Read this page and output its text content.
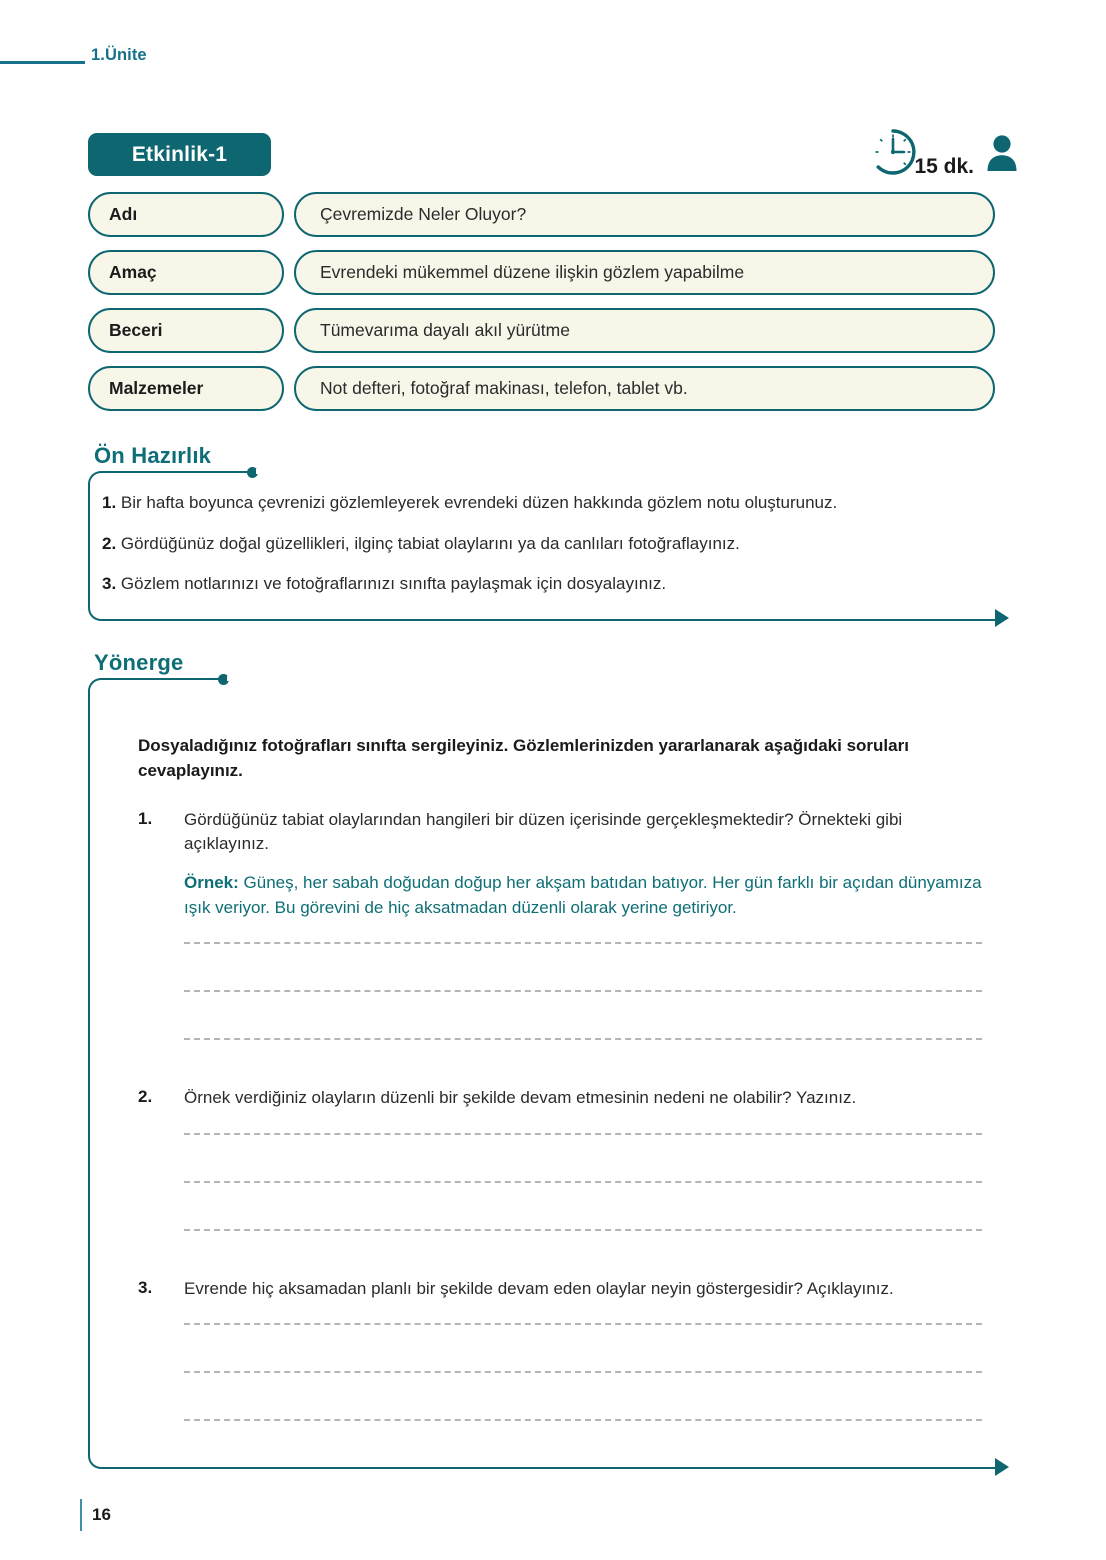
1.Ünite
Etkinlik-1
15 dk.
Adı	Çevremizde Neler Oluyor?
Amaç	Evrendeki mükemmel düzene ilişkin gözlem yapabilme
Beceri	Tümevarıma dayalı akıl yürütme
Malzemeler	Not defteri, fotoğraf makinası, telefon, tablet vb.
Ön Hazırlık
1. Bir hafta boyunca çevrenizi gözlemleyerek evrendeki düzen hakkında gözlem notu oluşturunuz.
2. Gördüğünüz doğal güzellikleri, ilginç tabiat olaylarını ya da canlıları fotoğraflayınız.
3. Gözlem notlarınızı ve fotoğraflarınızı sınıfta paylaşmak için dosyalayınız.
Yönerge
Dosyaladığınız fotoğrafları sınıfta sergileyiniz. Gözlemlerinizden yararlanarak aşağıdaki soruları cevaplayınız.
1.	Gördüğünüz tabiat olaylarından hangileri bir düzen içerisinde gerçekleşmektedir? Örnekteki gibi açıklayınız.
Örnek: Güneş, her sabah doğudan doğup her akşam batıdan batıyor. Her gün farklı bir açıdan dünyamıza ışık veriyor. Bu görevini de hiç aksatmadan düzenli olarak yerine getiriyor.
2.	Örnek verdiğiniz olayların düzenli bir şekilde devam etmesinin nedeni ne olabilir? Yazınız.
3.	Evrende hiç aksamadan planlı bir şekilde devam eden olaylar neyin göstergesidir? Açıklayınız.
16
